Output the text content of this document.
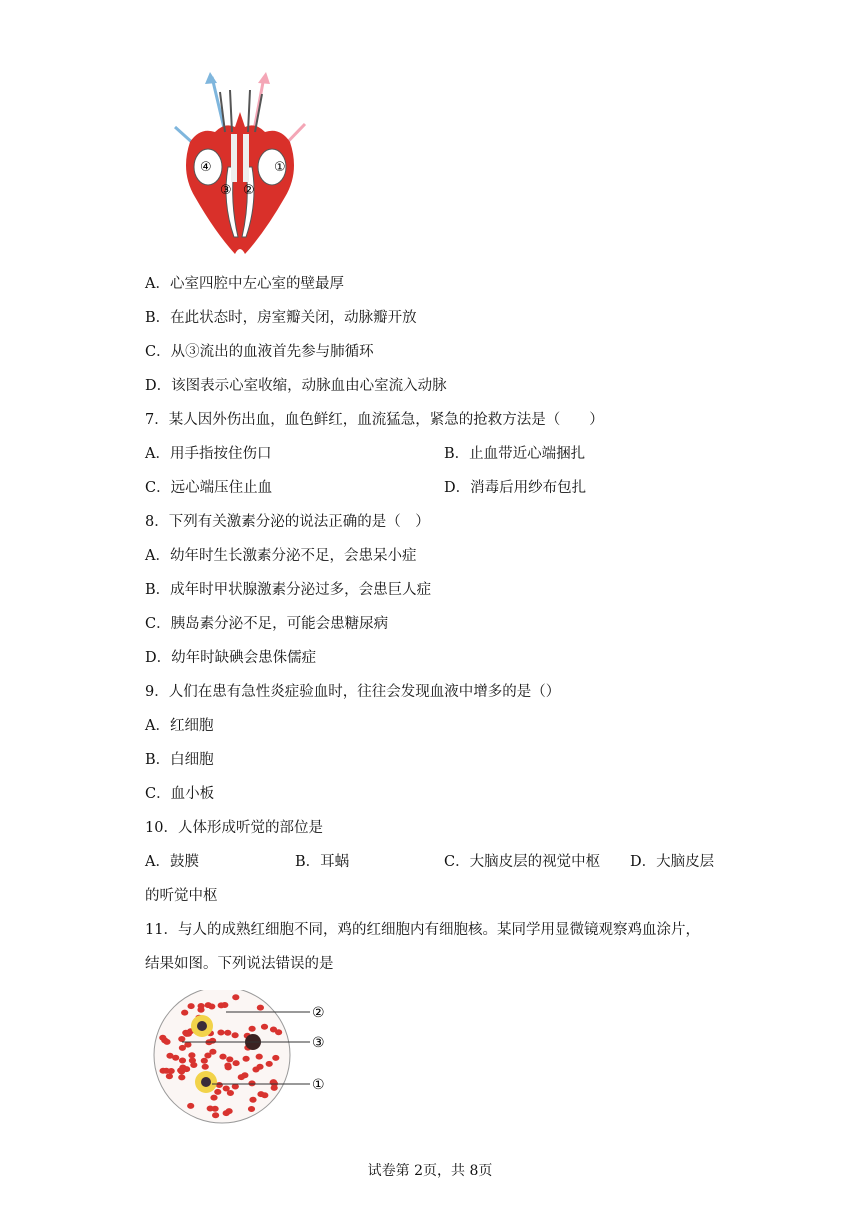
④
③ ②
①
A．心室四腔中左心室的壁最厚
B．在此状态时，房室瓣关闭，动脉瓣开放
C．从③流出的血液首先参与肺循环
D．该图表示心室收缩，动脉血由心室流入动脉
7．某人因外伤出血，血色鲜红，血流猛急，紧急的抢救方法是（　　）
A．用手指按住伤口	B．止血带近心端捆扎
C．远心端压住止血	D．消毒后用纱布包扎
8．下列有关激素分泌的说法正确的是（　）
A．幼年时生长激素分泌不足，会患呆小症
B．成年时甲状腺激素分泌过多，会患巨人症
C．胰岛素分泌不足，可能会患糖尿病
D．幼年时缺碘会患侏儒症
9．人们在患有急性炎症验血时，往往会发现血液中增多的是（）
A．红细胞
B．白细胞
C．血小板
10．人体形成听觉的部位是
A．鼓膜	B．耳蜗	C．大脑皮层的视觉中枢 D．大脑皮层
的听觉中枢
11．与人的成熟红细胞不同，鸡的红细胞内有细胞核。某同学用显微镜观察鸡血涂片，
结果如图。下列说法错误的是
②
③
①
试卷第 2页，共 8页
